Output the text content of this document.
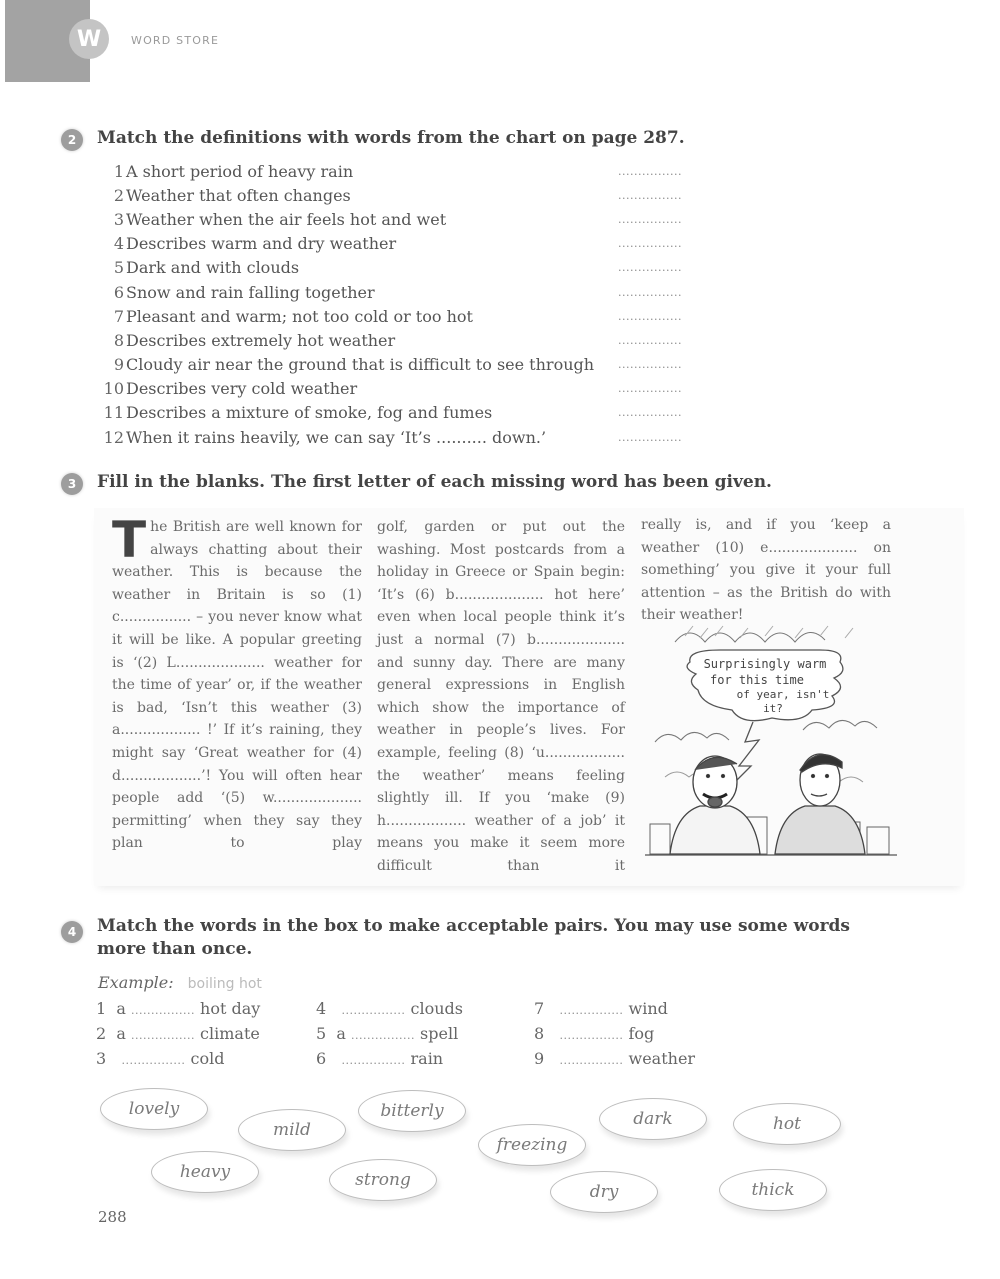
W	WORD STORE
2	Match the definitions with words from the chart on page 287.
1 A short period of heavy rain	................
2 Weather that often changes	................
3 Weather when the air feels hot and wet	................
4 Describes warm and dry weather	................
5 Dark and with clouds	................
6 Snow and rain falling together	................
7 Pleasant and warm; not too cold or too hot	................
8 Describes extremely hot weather	................
9 Cloudy air near the ground that is difficult to see through	................
10 Describes very cold weather	................
11 Describes a mixture of smoke, fog and fumes	................
12 When it rains heavily, we can say ‘It’s .......... down.’	................
3	Fill in the blanks. The first letter of each missing word has been given.

The British are well known for always chatting about their weather. This is because the weather in Britain is so (1) c................ – you never know what it will be like. A popular greeting is ‘(2) L.................... weather for the time of year’ or, if the weather is bad, ‘Isn’t this weather (3) a.................. !’ If it’s raining, they might say ‘Great weather for (4) d..................’! You will often hear people add ‘(5) w.................... permitting’ when they say they plan to play

golf, garden or put out the washing. Most postcards from a holiday in Greece or Spain begin: ‘It’s (6) b.................... hot here’ even when local people think it’s just a normal (7) b.................... and sunny day. There are many general expressions in English which show the importance of weather in people’s lives. For example, feeling (8) ‘u.................. the weather’ means feeling slightly ill. If you ‘make (9) h.................. weather of a job’ it means you make it seem more difficult than it

really is, and if you ‘keep a weather (10) e.................... on something’ you give it your full attention – as the British do with their weather!

Surprisingly warm
for this time
of year, isn't
it?
4	Match the words in the box to make acceptable pairs. You may use some words
more than once.
Example: boiling hot
1 a ................ hot day
2 a ................ climate
3 ................ cold
4 ................ clouds
5 a ................ spell
6 ................ rain
7 ................ wind
8 ................ fog
9 ................ weather
lovely
mild
bitterly
freezing
dark	hot
heavy	strong
dry	thick
288
